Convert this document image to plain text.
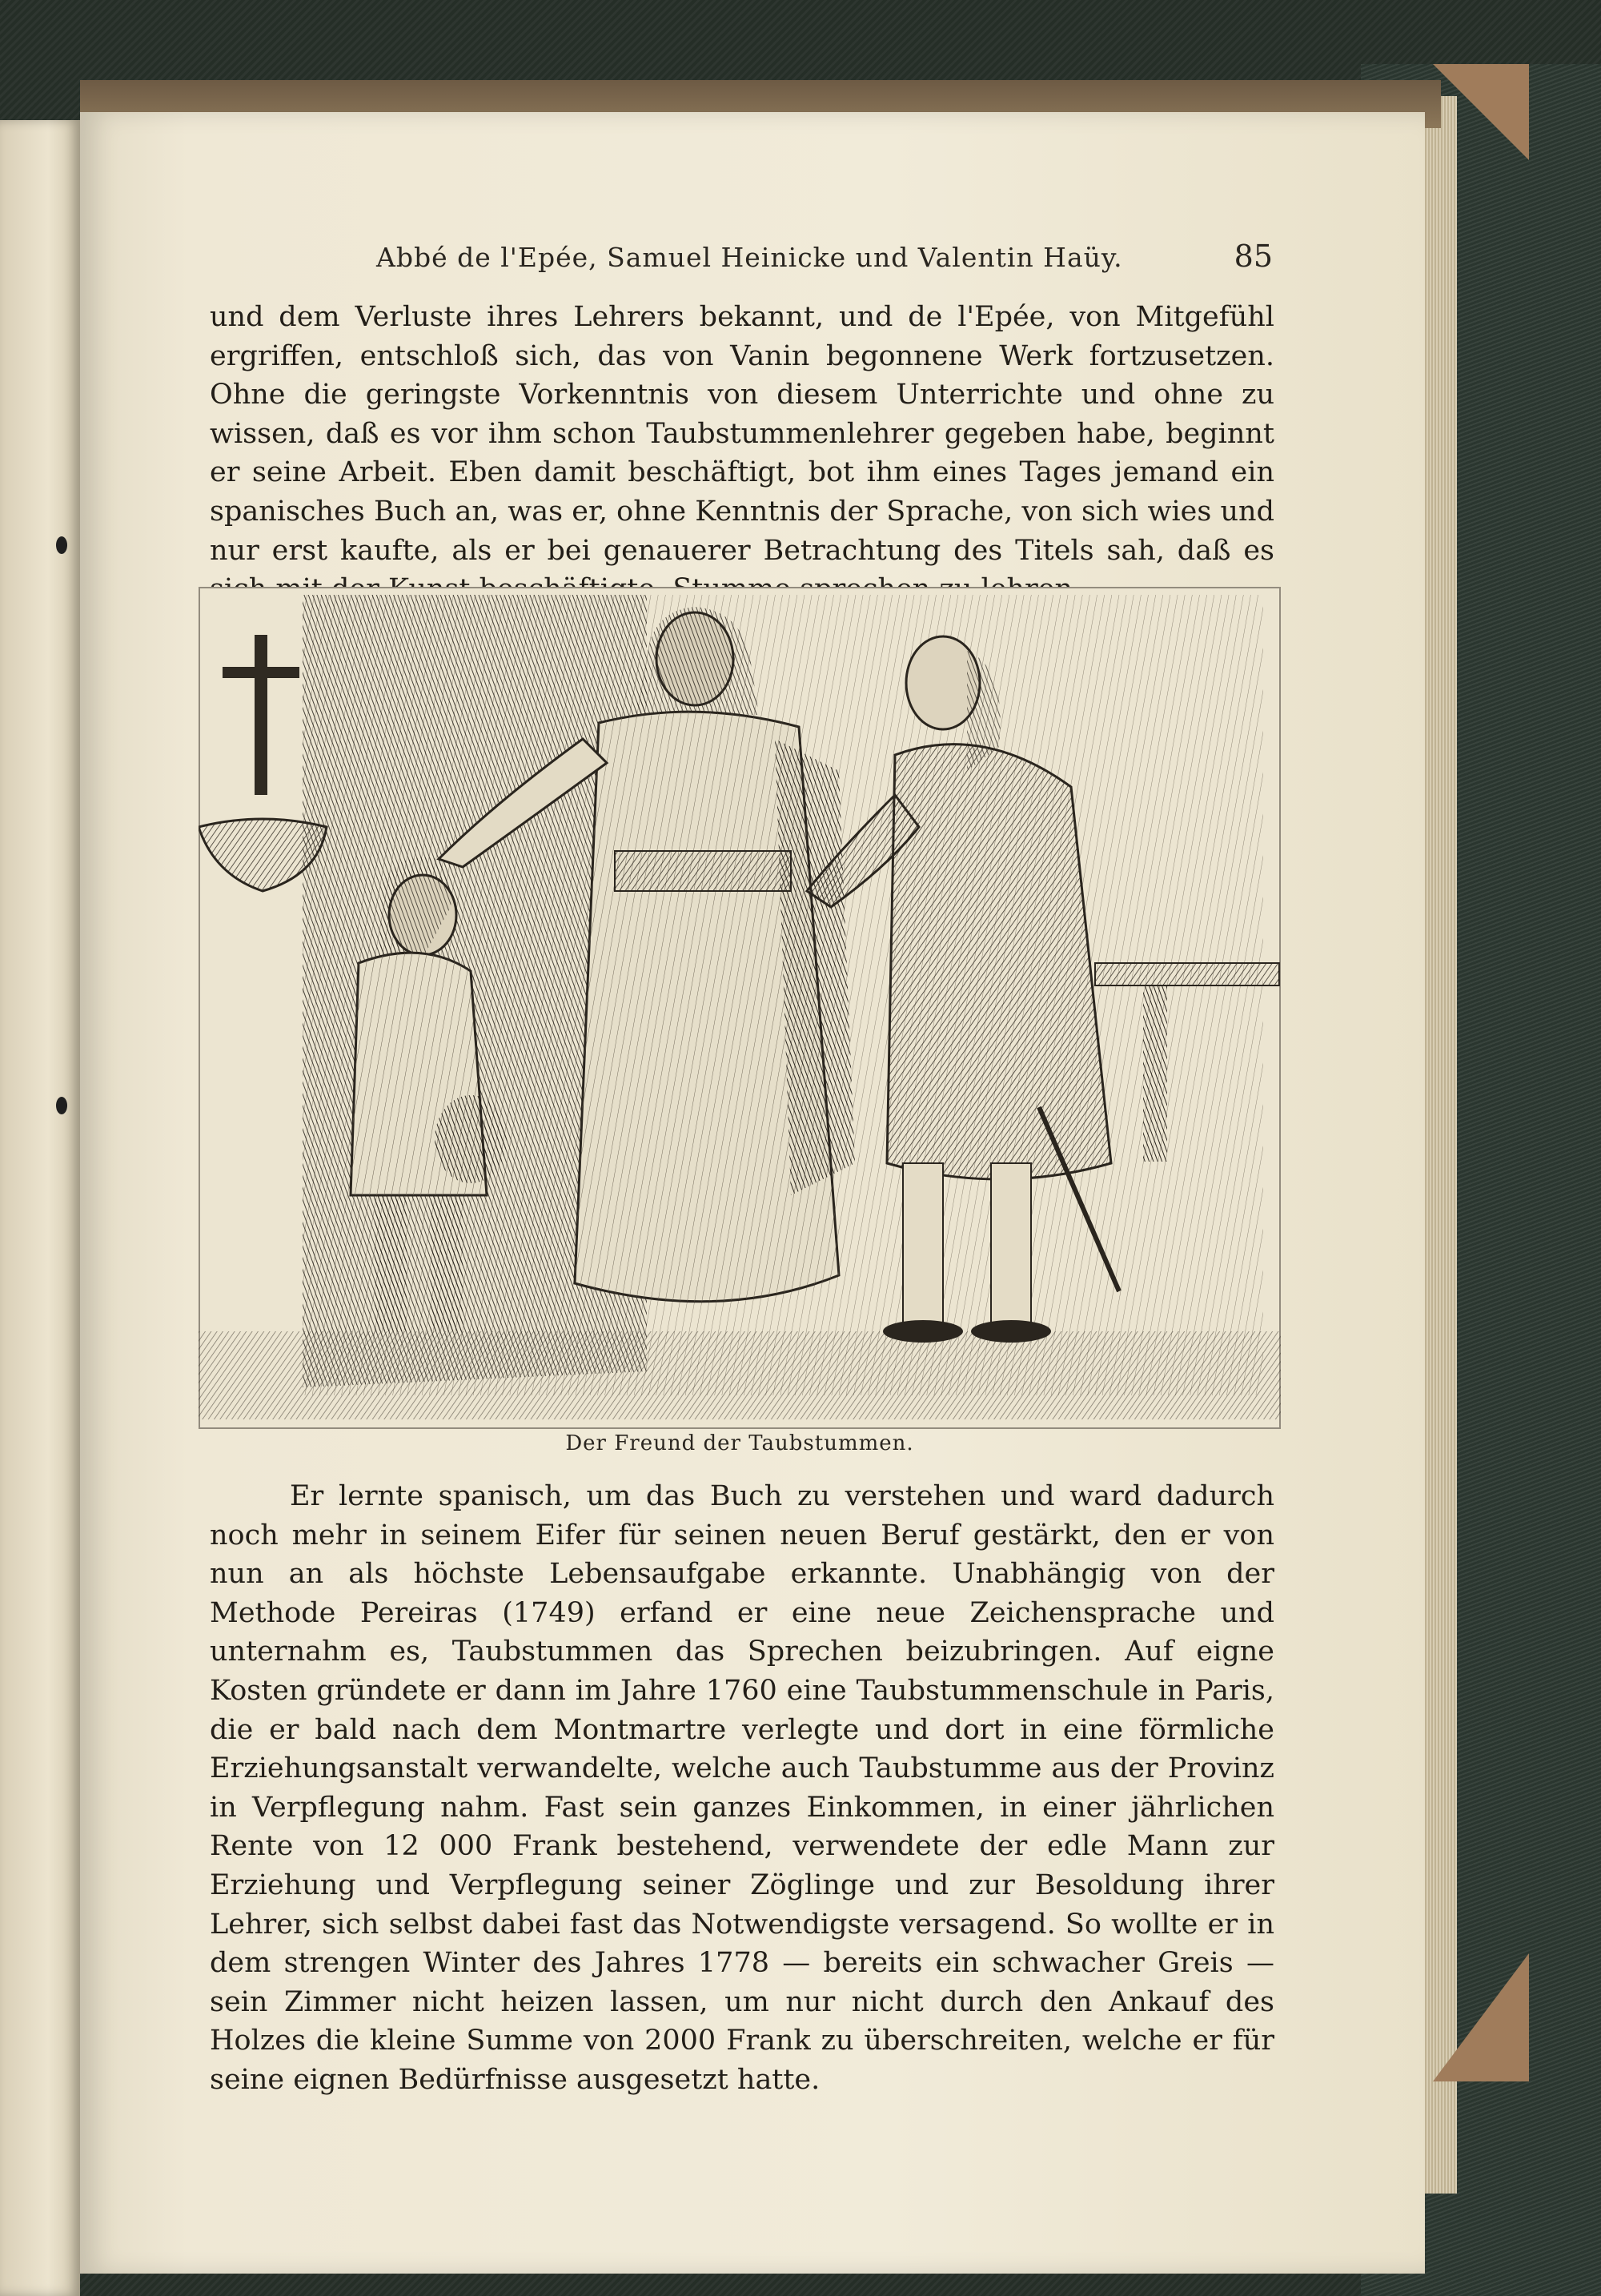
Abbé de l'Epée, Samuel Heinicke und Valentin Haüy.	85

und dem Verluste ihres Lehrers bekannt, und de l'Epée, von Mitgefühl ergriffen, entschloß sich, das von Vanin begonnene Werk fortzusetzen. Ohne die geringste Vorkenntnis von diesem Unterrichte und ohne zu wissen, daß es vor ihm schon Taubstummenlehrer gegeben habe, beginnt er seine Arbeit. Eben damit beschäftigt, bot ihm eines Tages jemand ein spanisches Buch an, was er, ohne Kenntnis der Sprache, von sich wies und nur erst kaufte, als er bei genauerer Betrachtung des Titels sah, daß es

Der Freund der Taubstummen.

Er lernte spanisch, um das Buch zu verstehen und ward dadurch noch mehr in seinem Eifer für seinen neuen Beruf gestärkt, den er von nun an als höchste Lebensaufgabe erkannte. Unabhängig von der Methode Pereiras (1749) erfand er eine neue Zeichensprache und unternahm es, Taubstummen das Sprechen beizubringen. Auf eigne Kosten gründete er dann im Jahre 1760 eine Taubstummenschule in Paris, die er bald nach dem Montmartre verlegte und dort in eine förmliche Erziehungsanstalt verwandelte, welche auch Taubstumme aus der Provinz in Verpflegung nahm. Fast sein ganzes Einkommen, in einer jährlichen Rente von 12 000 Frank bestehend, verwendete der edle Mann zur Erziehung und Verpflegung seiner Zöglinge und zur Besoldung ihrer Lehrer, sich selbst dabei fast das Notwendigste versagend. So wollte er in dem strengen Winter des Jahres 1778 — bereits ein schwacher Greis — sein Zimmer nicht heizen lassen, um nur nicht durch den Ankauf des Holzes die kleine Summe von 2000 Frank zu überschreiten, welche er für seine eignen Bedürfnisse ausgesetzt hatte.
